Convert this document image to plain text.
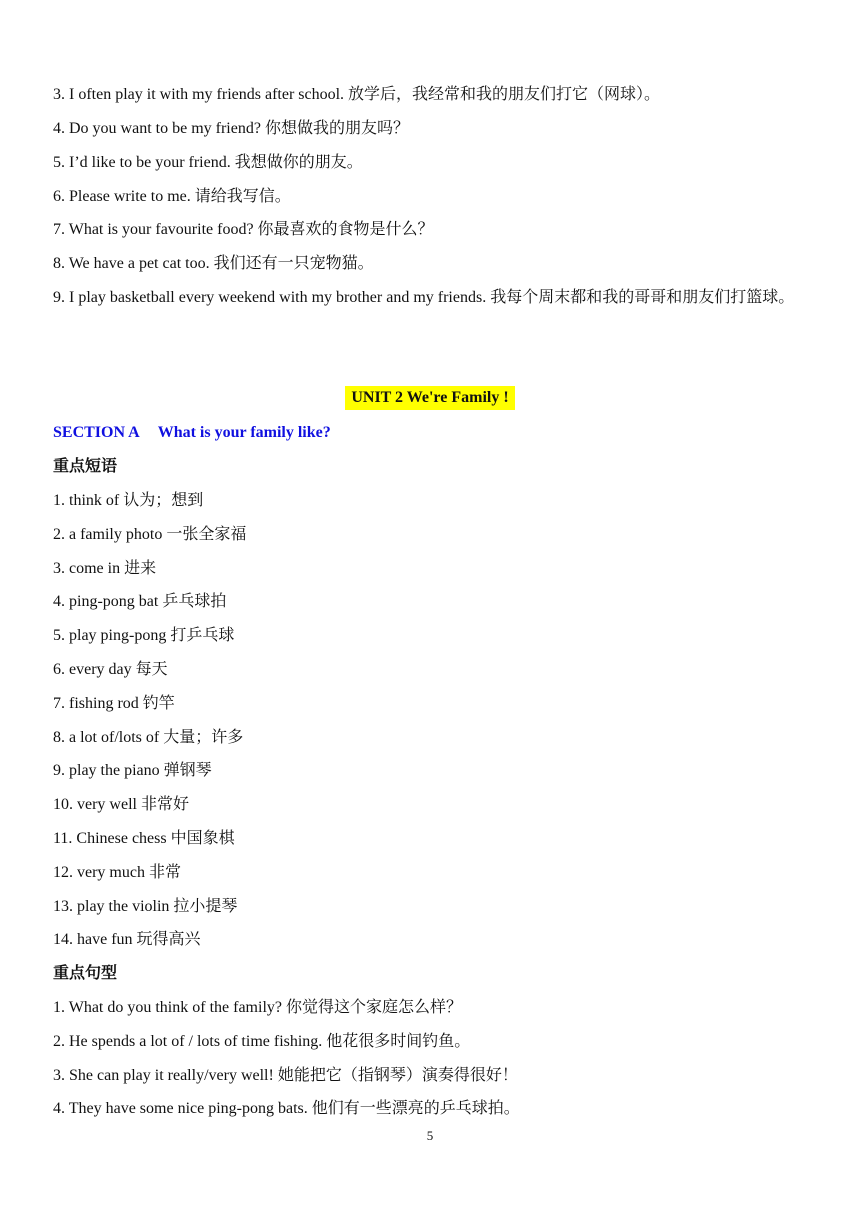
3. I often play it with my friends after school. 放学后，我经常和我的朋友们打它（网球）。
4. Do you want to be my friend? 你想做我的朋友吗？
5. I’d like to be your friend. 我想做你的朋友。
6. Please write to me. 请给我写信。
7. What is your favourite food? 你最喜欢的食物是什么？
8. We have a pet cat too. 我们还有一只宠物猫。
9. I play basketball every weekend with my brother and my friends. 我每个周末都和我的哥哥和朋友们打篮球。
UNIT 2 We're Family !
SECTION A What is your family like?
重点短语
1. think of 认为；想到
2. a family photo 一张全家福
3. come in 进来
4. ping-pong bat 乒乓球拍
5. play ping-pong 打乒乓球
6. every day 每天
7. fishing rod 钓竿
8. a lot of/lots of 大量；许多
9. play the piano 弹钢琴
10. very well 非常好
11. Chinese chess 中国象棋
12. very much 非常
13. play the violin 拉小提琴
14. have fun 玩得高兴
重点句型
1. What do you think of the family? 你觉得这个家庭怎么样？
2. He spends a lot of / lots of time fishing. 他花很多时间钓鱼。
3. She can play it really/very well! 她能把它（指钢琴）演奏得很好！
4. They have some nice ping-pong bats. 他们有一些漂亮的乒乓球拍。
5
